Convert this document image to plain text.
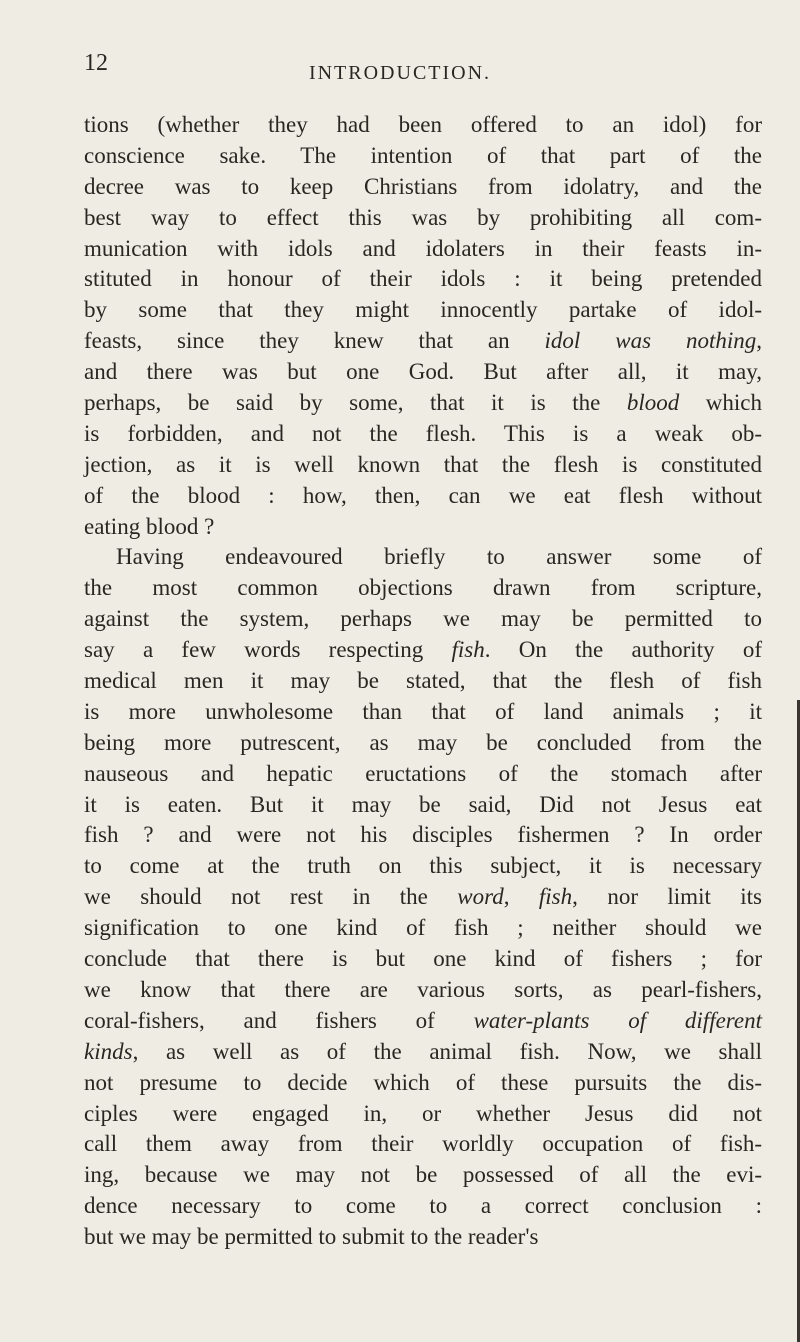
12	INTRODUCTION.
tions (whether they had been offered to an idol) for
conscience sake. The intention of that part of the
decree was to keep Christians from idolatry, and the
best way to effect this was by prohibiting all com-
munication with idols and idolaters in their feasts in-
stituted in honour of their idols : it being pretended
by some that they might innocently partake of idol-
feasts, since they knew that an idol was nothing,
and there was but one God. But after all, it may,
perhaps, be said by some, that it is the blood which
is forbidden, and not the flesh. This is a weak ob-
jection, as it is well known that the flesh is constituted
of the blood : how, then, can we eat flesh without
eating blood ?
Having endeavoured briefly to answer some of
the most common objections drawn from scripture,
against the system, perhaps we may be permitted to
say a few words respecting fish. On the authority of
medical men it may be stated, that the flesh of fish
is more unwholesome than that of land animals ; it
being more putrescent, as may be concluded from the
nauseous and hepatic eructations of the stomach after
it is eaten. But it may be said, Did not Jesus eat
fish ? and were not his disciples fishermen ? In order
to come at the truth on this subject, it is necessary
we should not rest in the word, fish, nor limit its
signification to one kind of fish ; neither should we
conclude that there is but one kind of fishers ; for
we know that there are various sorts, as pearl-fishers,
coral-fishers, and fishers of water-plants of different
kinds, as well as of the animal fish. Now, we shall
not presume to decide which of these pursuits the dis-
ciples were engaged in, or whether Jesus did not
call them away from their worldly occupation of fish-
ing, because we may not be possessed of all the evi-
dence necessary to come to a correct conclusion :
but we may be permitted to submit to the reader's
